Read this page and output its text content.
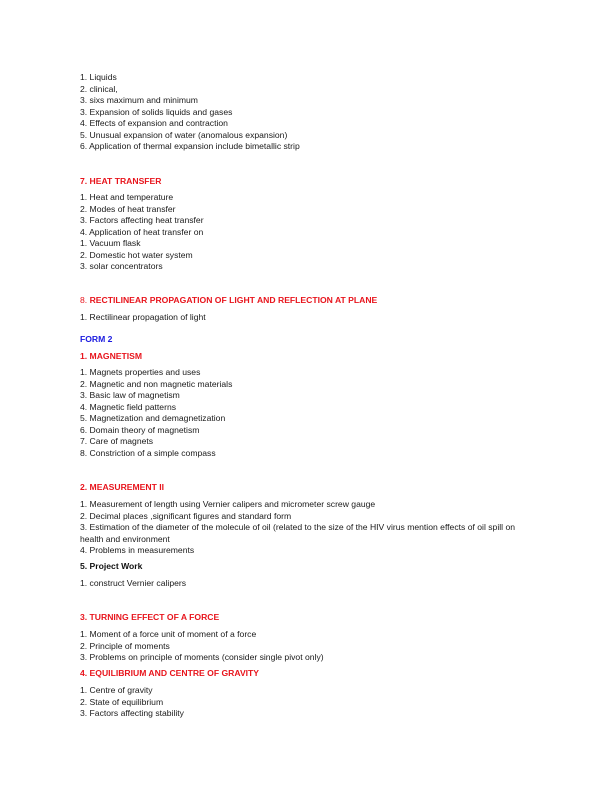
1. Liquids
2. clinical,
3. sixs maximum and minimum
3. Expansion of solids liquids and gases
4. Effects of expansion and contraction
5. Unusual expansion of water (anomalous expansion)
6. Application of thermal expansion include bimetallic strip
7. HEAT TRANSFER
1. Heat and temperature
2. Modes of heat transfer
3. Factors affecting heat transfer
4. Application of heat transfer on
1. Vacuum flask
2. Domestic hot water system
3. solar concentrators
8. RECTILINEAR PROPAGATION OF LIGHT AND REFLECTION AT PLANE
1. Rectilinear propagation of light
FORM 2
1. MAGNETISM
1. Magnets properties and uses
2. Magnetic and non magnetic materials
3. Basic law of magnetism
4. Magnetic field patterns
5. Magnetization and demagnetization
6. Domain theory of magnetism
7. Care of magnets
8. Constriction of a simple compass
2. MEASUREMENT II
1. Measurement of length using Vernier calipers and micrometer screw gauge
2. Decimal places ,significant figures and standard form
3. Estimation of the diameter of the molecule of oil (related to the size of the HIV virus mention effects of oil spill on health and environment
4. Problems in measurements
5. Project Work
1. construct Vernier calipers
3. TURNING EFFECT OF A FORCE
1. Moment of a force unit of moment of a force
2. Principle of moments
3. Problems on principle of moments (consider single pivot only)
4. EQUILIBRIUM AND CENTRE OF GRAVITY
1. Centre of gravity
2. State of equilibrium
3. Factors affecting stability
